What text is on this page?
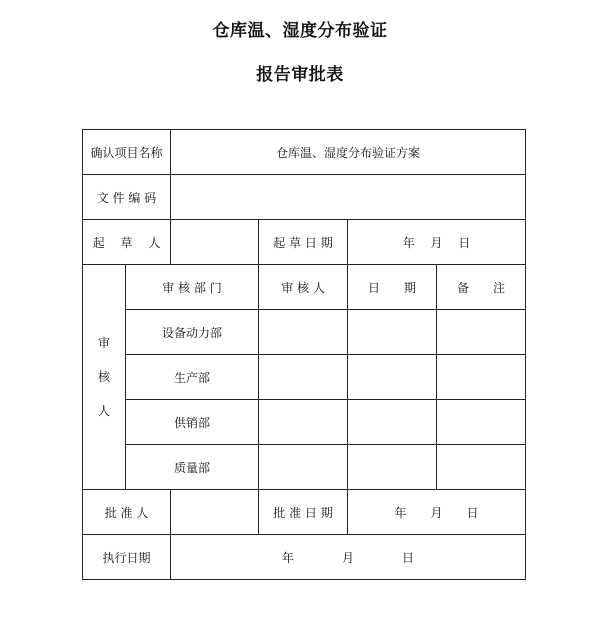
仓库温、湿度分布验证
报告审批表
确认项目名称		仓库温、湿度分布验证方案			
文 件 编 码					
起　 草　 人			起 草 日 期	年　 月　 日	

审
核
人	审 核 部 门		审 核 人	日　　期	备　　注
	设备动力部				
	生产部				
	供销部				
	质量部				
批 准 人			批 准 日 期	年　　月　　日	
执行日期		年　　　　月　　　　日			
